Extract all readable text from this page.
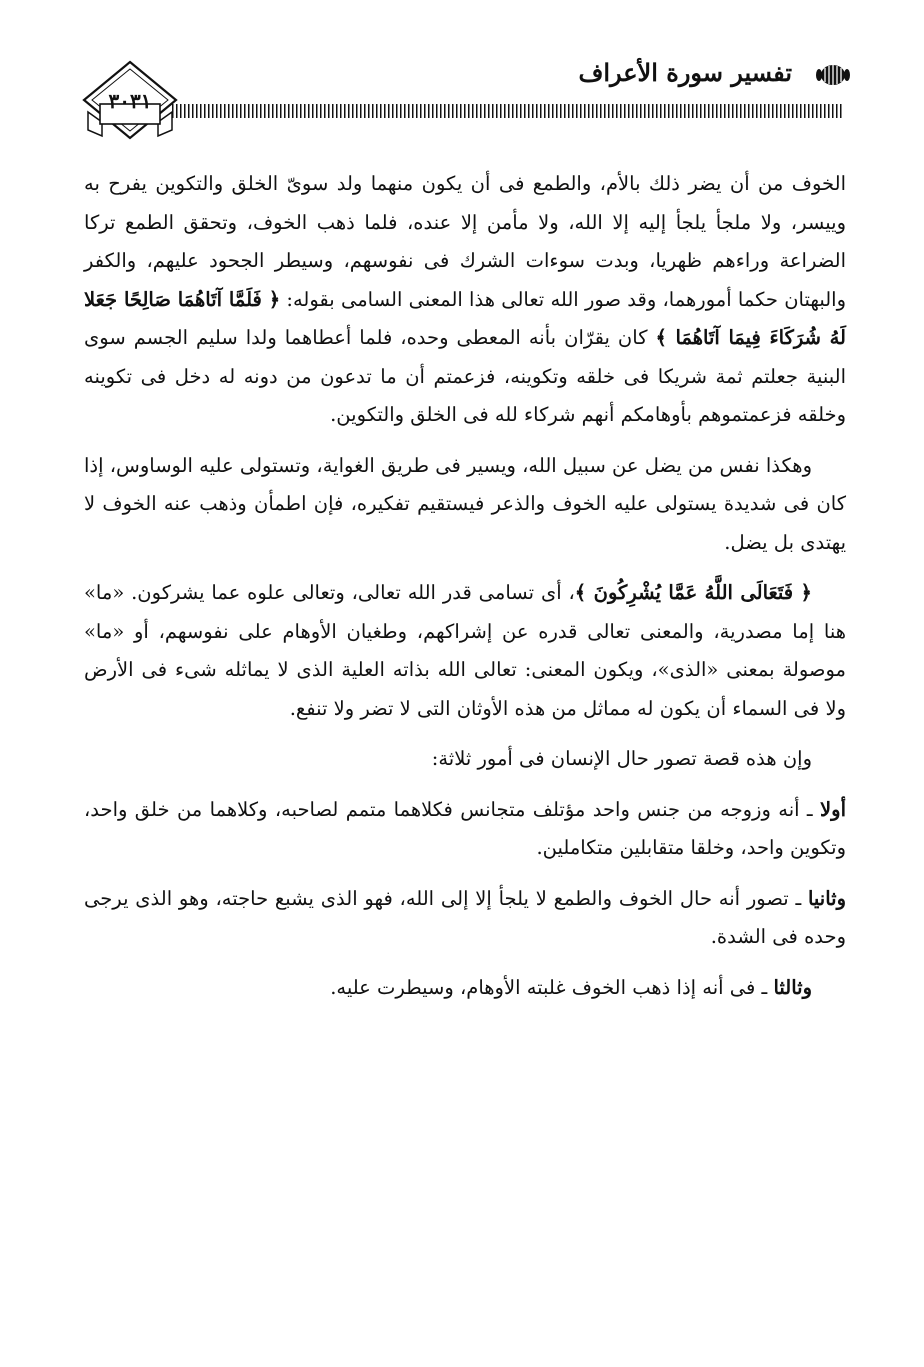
تفسير سورة الأعراف
٣٠٣١

الخوف من أن يضر ذلك بالأم، والطمع فى أن يكون منهما ولد سوىّ الخلق والتكوين يفرح به وييسر، ولا ملجأ يلجأ إليه إلا الله، ولا مأمن إلا عنده، فلما ذهب الخوف، وتحقق الطمع تركا الضراعة وراءهم ظهريا، وبدت سوءات الشرك فى نفوسهم، وسيطر الجحود عليهم، والكفر والبهتان حكما أمورهما، وقد صور الله تعالى هذا المعنى السامى بقوله: ﴿ فَلَمَّا آتَاهُمَا صَالِحًا جَعَلا لَهُ شُرَكَاءَ فِيمَا آتَاهُمَا ﴾ كان يقرّان بأنه المعطى وحده، فلما أعطاهما ولدا سليم الجسم سوى البنية جعلتم ثمة شريكا فى خلقه وتكوينه، فزعمتم أن ما تدعون من دونه له دخل فى تكوينه وخلقه فزعمتموهم بأوهامكم أنهم شركاء لله فى الخلق والتكوين.

وهكذا نفس من يضل عن سبيل الله، ويسير فى طريق الغواية، وتستولى عليه الوساوس، إذا كان فى شديدة يستولى عليه الخوف والذعر فيستقيم تفكيره، فإن اطمأن وذهب عنه الخوف لا يهتدى بل يضل.

﴿ فَتَعَالَى اللَّهُ عَمَّا يُشْرِكُونَ ﴾، أى تسامى قدر الله تعالى، وتعالى علوه عما يشركون. «ما» هنا إما مصدرية، والمعنى تعالى قدره عن إشراكهم، وطغيان الأوهام على نفوسهم، أو «ما» موصولة بمعنى «الذى»، ويكون المعنى: تعالى الله بذاته العلية الذى لا يماثله شىء فى الأرض ولا فى السماء أن يكون له مماثل من هذه الأوثان التى لا تضر ولا تنفع.

وإن هذه قصة تصور حال الإنسان فى أمور ثلاثة:

أولا ـ أنه وزوجه من جنس واحد مؤتلف متجانس فكلاهما متمم لصاحبه، وكلاهما من خلق واحد، وتكوين واحد، وخلقا متقابلين متكاملين.

وثانيا ـ تصور أنه حال الخوف والطمع لا يلجأ إلا إلى الله، فهو الذى يشبع حاجته، وهو الذى يرجى وحده فى الشدة.

وثالثا ـ فى أنه إذا ذهب الخوف غلبته الأوهام، وسيطرت عليه.
